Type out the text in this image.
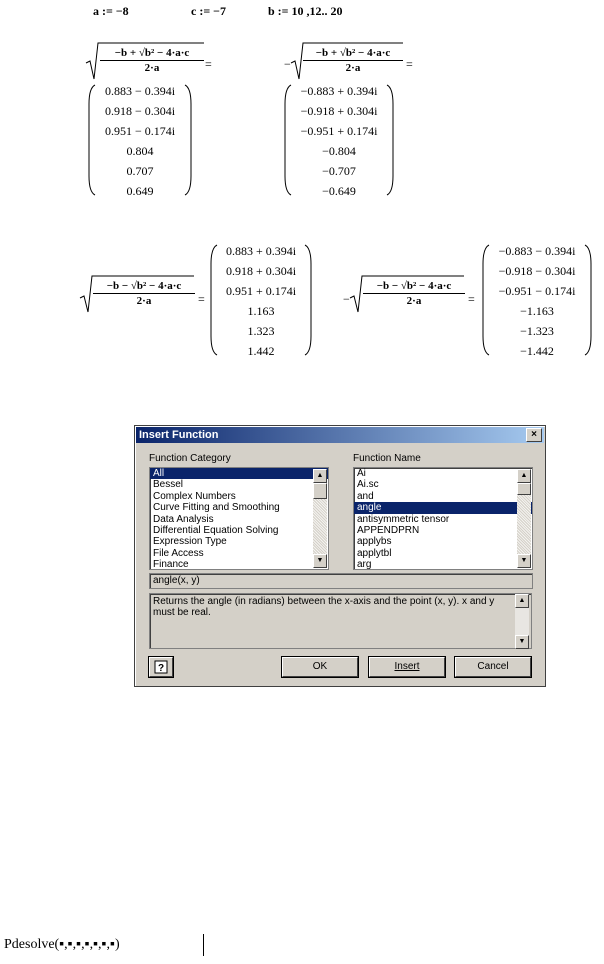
a := −8	c := −7	b := 10 ,12.. 20
$\frac{\text{−b + √b² − 4·a·c}}{2\cdot a}$ =
0.883 − 0.394i
0.918 − 0.304i
0.951 − 0.174i
0.804
0.707
0.649
− $\frac{\text{−b + √b² − 4·a·c}}{2\cdot a}$ =
−0.883 + 0.394i
−0.918 + 0.304i
−0.951 + 0.174i
−0.804
−0.707
−0.649
$\frac{\text{−b − √b² − 4·a·c}}{2\cdot a}$ =
0.883 + 0.394i
0.918 + 0.304i
0.951 + 0.174i
1.163
1.323
1.442
− $\frac{\text{−b − √b² − 4·a·c}}{2\cdot a}$ =
−0.883 − 0.394i
−0.918 − 0.304i
−0.951 − 0.174i
−1.163
−1.323
−1.442
Insert Function	×
Function Category	Function Name
All
Bessel
Complex Numbers
Curve Fitting and Smoothing
Data Analysis
Differential Equation Solving
Expression Type
File Access
Finance
▲
▼
Ai
Ai.sc
and
angle
antisymmetric tensor
APPENDPRN
applybs
applytbl
arg
▲
▼
angle(x, y)
Returns the angle (in radians) between the x-axis and the point (x, y). x and y must be real.
▲
▼
?	OK	Insert	Cancel
Pdesolve(▪,▪,▪,▪,▪,▪,▪)
